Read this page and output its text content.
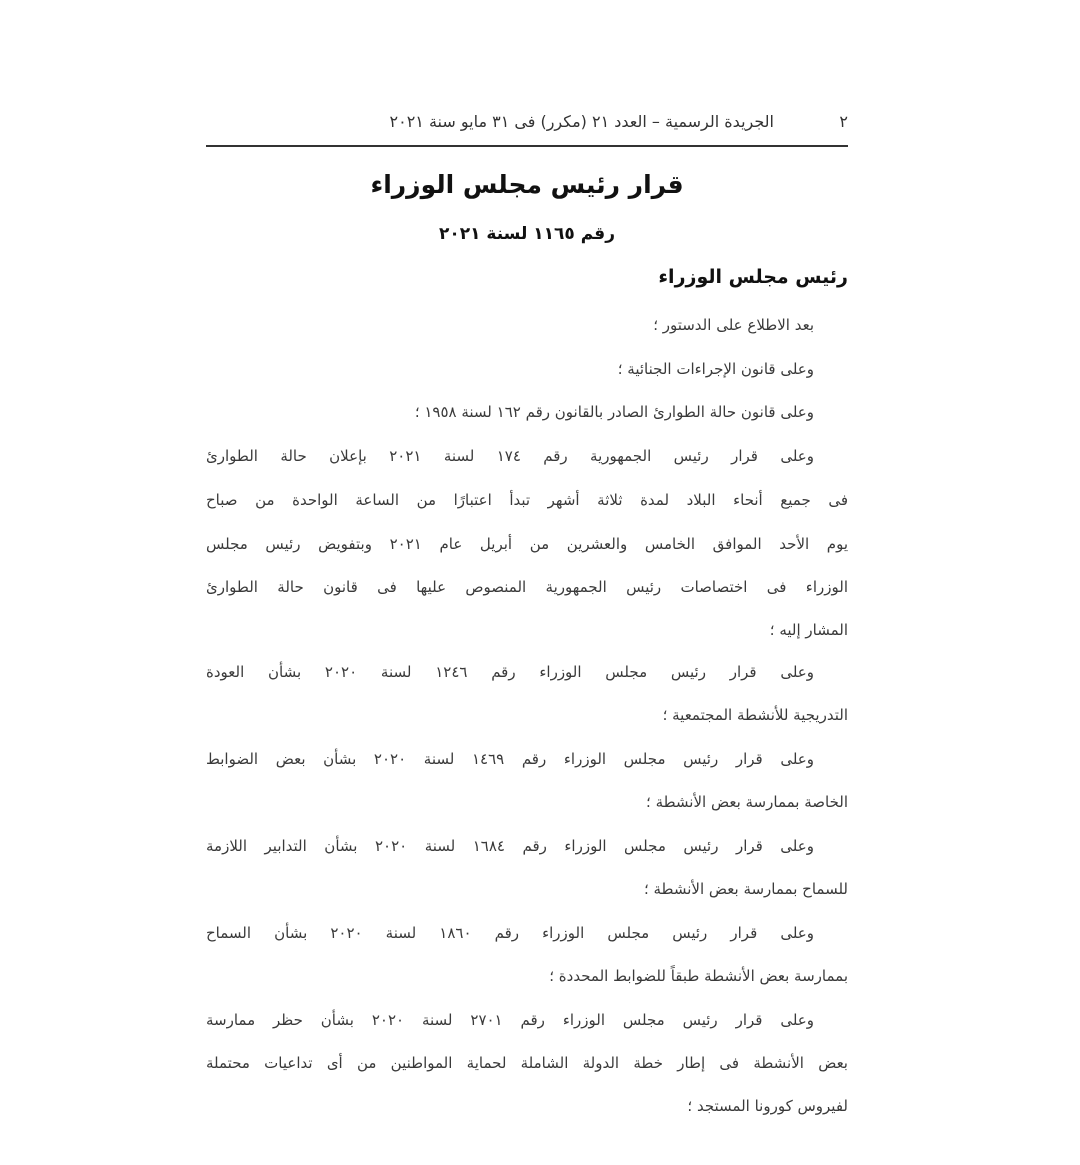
٢
الجريدة الرسمية – العدد ٢١ (مكرر) فى ٣١ مايو سنة ٢٠٢١
قرار رئيس مجلس الوزراء
رقم ١١٦٥ لسنة ٢٠٢١
رئيس مجلس الوزراء
بعد الاطلاع على الدستور ؛
وعلى قانون الإجراءات الجنائية ؛
وعلى قانون حالة الطوارئ الصادر بالقانون رقم ١٦٢ لسنة ١٩٥٨ ؛
وعلى قرار رئيس الجمهورية رقم ١٧٤ لسنة ٢٠٢١ بإعلان حالة الطوارئ
فى جميع أنحاء البلاد لمدة ثلاثة أشهر تبدأ اعتبارًا من الساعة الواحدة من صباح
يوم الأحد الموافق الخامس والعشرين من أبريل عام ٢٠٢١ وبتفويض رئيس مجلس
الوزراء فى اختصاصات رئيس الجمهورية المنصوص عليها فى قانون حالة الطوارئ
المشار إليه ؛
وعلى قرار رئيس مجلس الوزراء رقم ١٢٤٦ لسنة ٢٠٢٠ بشأن العودة
التدريجية للأنشطة المجتمعية ؛
وعلى قرار رئيس مجلس الوزراء رقم ١٤٦٩ لسنة ٢٠٢٠ بشأن بعض الضوابط
الخاصة بممارسة بعض الأنشطة ؛
وعلى قرار رئيس مجلس الوزراء رقم ١٦٨٤ لسنة ٢٠٢٠ بشأن التدابير اللازمة
للسماح بممارسة بعض الأنشطة ؛
وعلى قرار رئيس مجلس الوزراء رقم ١٨٦٠ لسنة ٢٠٢٠ بشأن السماح
بممارسة بعض الأنشطة طبقاً للضوابط المحددة ؛
وعلى قرار رئيس مجلس الوزراء رقم ٢٧٠١ لسنة ٢٠٢٠ بشأن حظر ممارسة
بعض الأنشطة فى إطار خطة الدولة الشاملة لحماية المواطنين من أى تداعيات محتملة
لفيروس كورونا المستجد ؛
